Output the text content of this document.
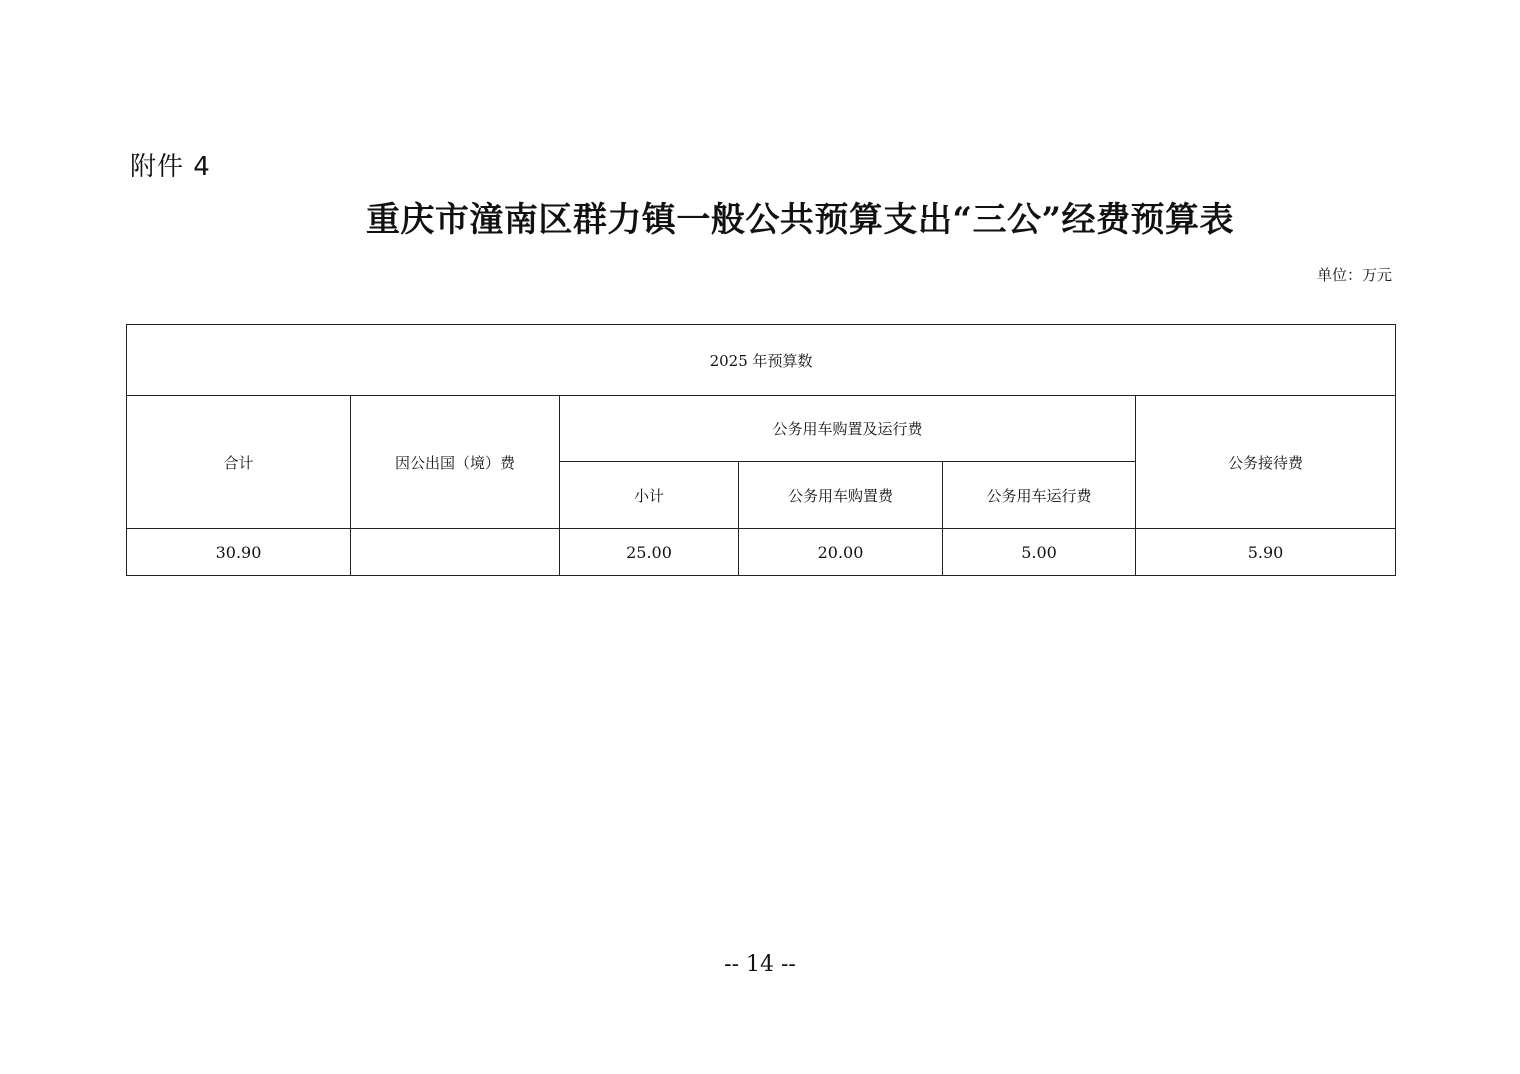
附件 4
重庆市潼南区群力镇一般公共预算支出“三公”经费预算表
单位：万元
2025 年预算数					
合计	因公出国（境）费	公务用车购置及运行费			公务接待费
		小计	公务用车购置费	公务用车运行费	
30.90		25.00	20.00	5.00	5.90
-- 14 --
